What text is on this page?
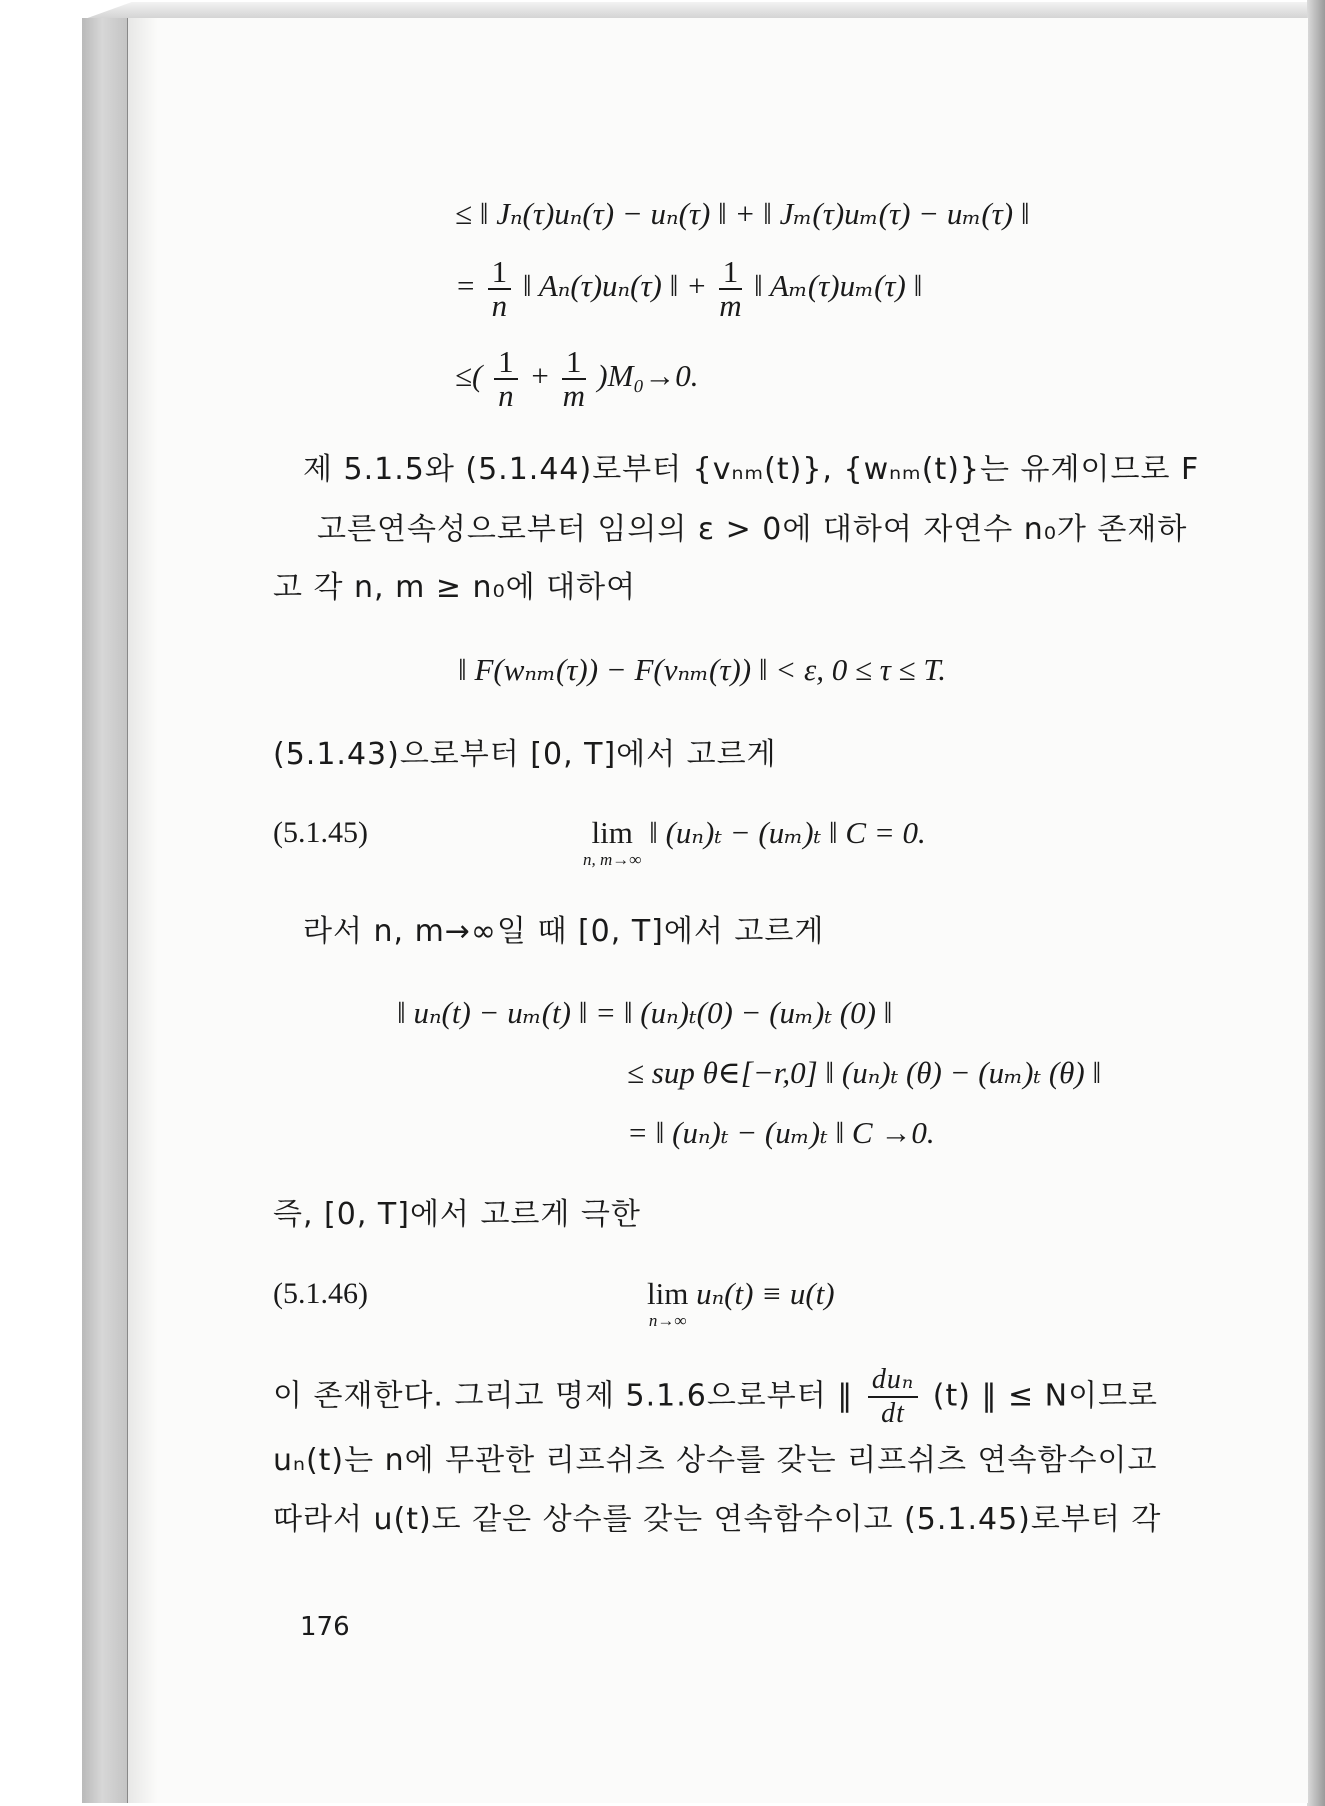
≤ ‖ Jₙ(τ)uₙ(τ) − uₙ(τ) ‖ + ‖ Jₘ(τ)uₘ(τ) − uₘ(τ) ‖
= $\frac{1}{n}$ ‖ Aₙ(τ)uₙ(τ) ‖ + $\frac{1}{m}$ ‖ Aₘ(τ)uₘ(τ) ‖
≤( $\frac{1}{n} + \frac{1}{m} )M_0\to 0$.
제 5.1.5와 (5.1.44)로부터 {vₙₘ(t)}, {wₙₘ(t)}는 유계이므로 F
고른연속성으로부터 임의의 ε > 0에 대하여 자연수 n₀가 존재하
고 각 n, m ≥ n₀에 대하여
‖ F(wₙₘ(τ)) − F(vₙₘ(τ)) ‖ < ε, 0 ≤ τ ≤ T.
(5.1.43)으로부터 [0, T]에서 고르게
(5.1.45)	lim
n, m→∞
‖ (uₙ)ₜ − (uₘ)ₜ ‖ C = 0.
라서 n, m→∞일 때 [0, T]에서 고르게
‖ uₙ(t) − uₘ(t) ‖ = ‖ (uₙ)ₜ(0) − (uₘ)ₜ (0) ‖
≤ sup θ∈[−r,0] ‖ (uₙ)ₜ (θ) − (uₘ)ₜ (θ) ‖
= ‖ (uₙ)ₜ − (uₘ)ₜ ‖ C →0.
즉, [0, T]에서 고르게 극한
(5.1.46)	lim
n→∞
uₙ(t) ≡ u(t)
이 존재한다. 그리고 명제 5.1.6으로부터 ‖ $\frac{\text{duₙ}}{dt} (t)$ ‖ ≤ N이므로
uₙ(t)는 n에 무관한 리프쉬츠 상수를 갖는 리프쉬츠 연속함수이고
따라서 u(t)도 같은 상수를 갖는 연속함수이고 (5.1.45)로부터 각
176
